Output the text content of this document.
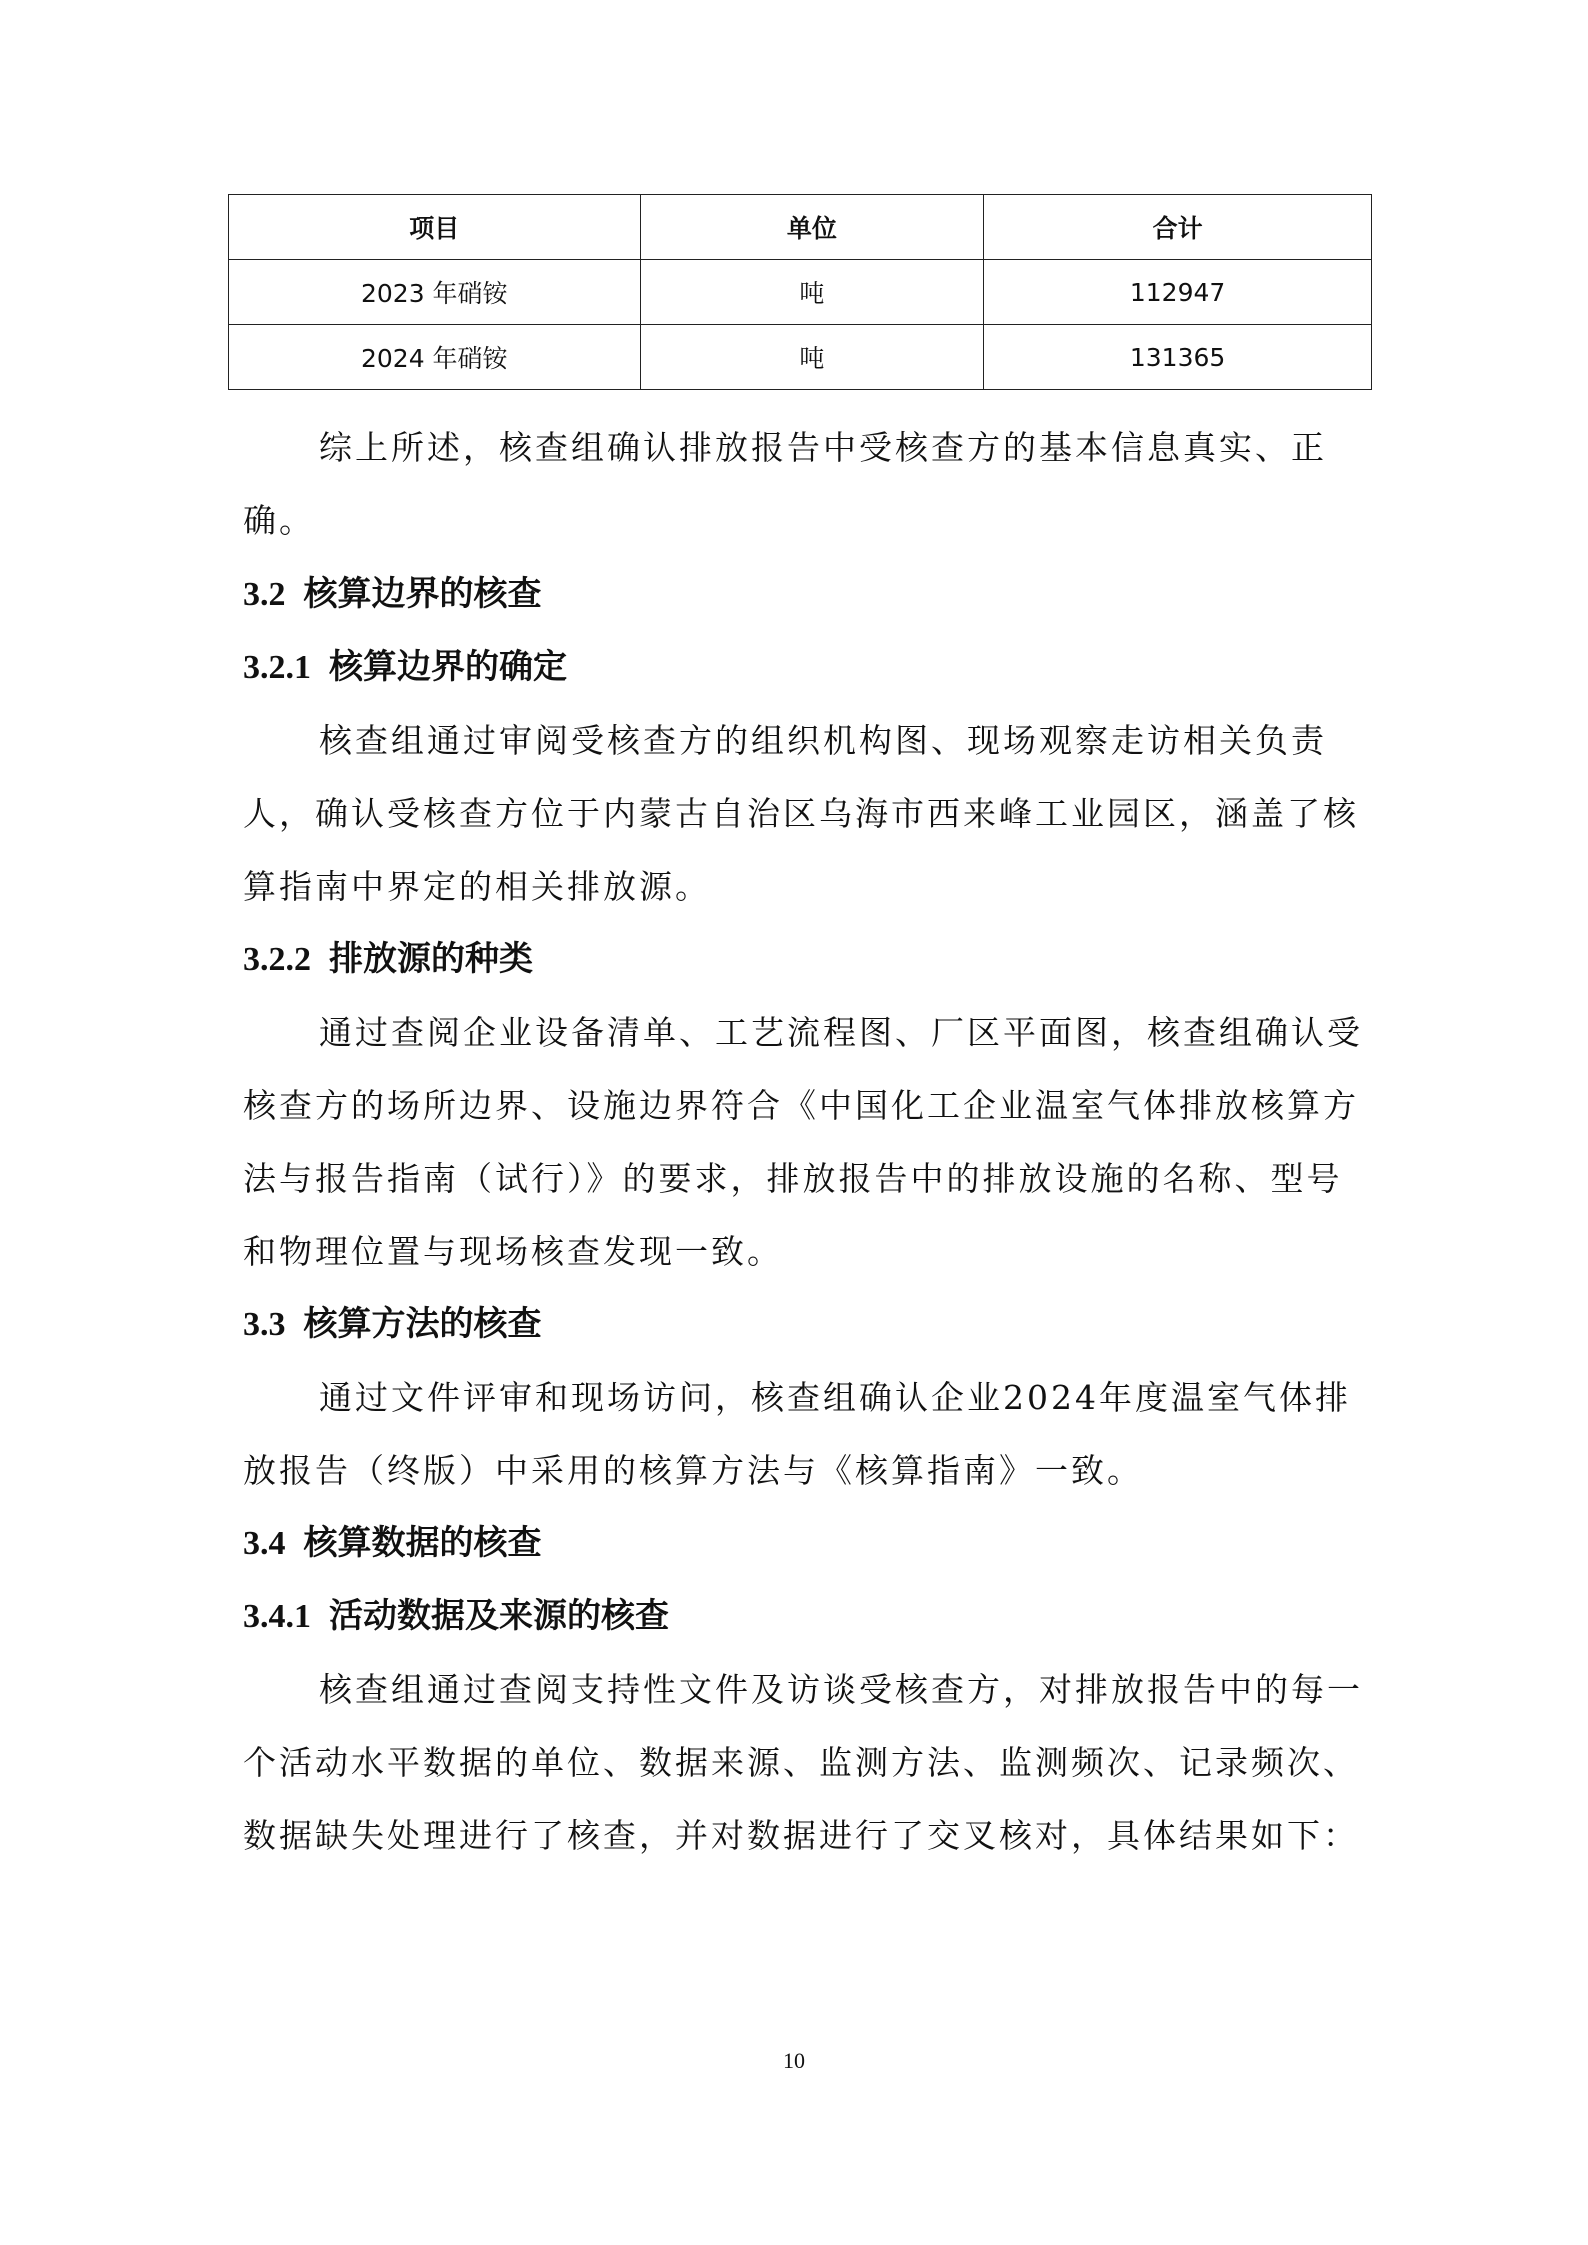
项目	单位	合计
2023 年硝铵	吨	112947
2024 年硝铵	吨	131365

综上所述，核查组确认排放报告中受核查方的基本信息真实、正确。

3.2 核算边界的核查
3.2.1 核算边界的确定

核查组通过审阅受核查方的组织机构图、现场观察走访相关负责人，确认受核查方位于内蒙古自治区乌海市西来峰工业园区，涵盖了核算指南中界定的相关排放源。

3.2.2 排放源的种类

通过查阅企业设备清单、工艺流程图、厂区平面图，核查组确认受核查方的场所边界、设施边界符合《中国化工企业温室气体排放核算方法与报告指南（试行）》的要求，排放报告中的排放设施的名称、型号和物理位置与现场核查发现一致。

3.3 核算方法的核查

通过文件评审和现场访问，核查组确认企业2024年度温室气体排放报告（终版）中采用的核算方法与《核算指南》一致。

3.4 核算数据的核查
3.4.1 活动数据及来源的核查

核查组通过查阅支持性文件及访谈受核查方，对排放报告中的每一个活动水平数据的单位、数据来源、监测方法、监测频次、记录频次、数据缺失处理进行了核查，并对数据进行了交叉核对，具体结果如下：

10
